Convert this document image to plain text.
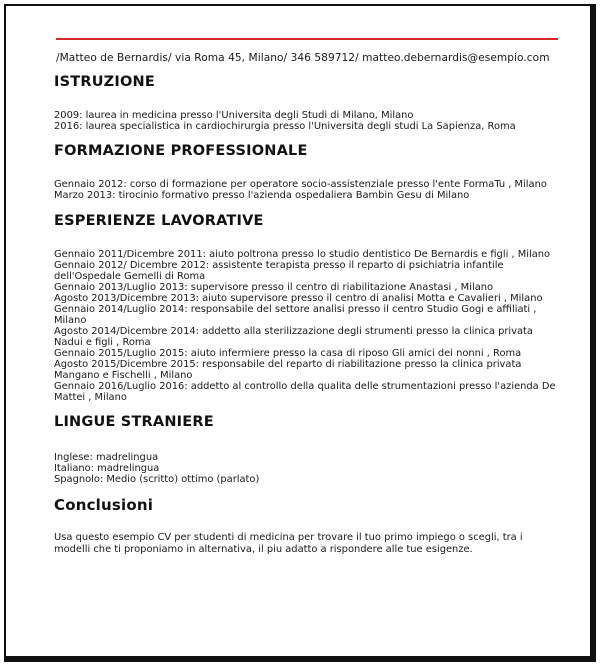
/Matteo de Bernardis/ via Roma 45, Milano/ 346 589712/ matteo.debernardis@esempio.com
ISTRUZIONE
2009: laurea in medicina presso l'Universita degli Studi di Milano, Milano
2016: laurea specialistica in cardiochirurgia presso l'Universita degli studi La Sapienza, Roma
FORMAZIONE PROFESSIONALE
Gennaio 2012: corso di formazione per operatore socio-assistenziale presso l'ente FormaTu , Milano
Marzo 2013: tirocinio formativo presso l'azienda ospedaliera Bambin Gesu di Milano
ESPERIENZE LAVORATIVE
Gennaio 2011/Dicembre 2011: aiuto poltrona presso lo studio dentistico De Bernardis e figli , Milano
Gennaio 2012/ Dicembre 2012: assistente terapista presso il reparto di psichiatria infantile dell'Ospedale Gemelli di Roma
Gennaio 2013/Luglio 2013: supervisore presso il centro di riabilitazione Anastasi , Milano
Agosto 2013/Dicembre 2013: aiuto supervisore presso il centro di analisi Motta e Cavalieri , Milano
Gennaio 2014/Luglio 2014: responsabile del settore analisi presso il centro Studio Gogi e affiliati , Milano
Agosto 2014/Dicembre 2014: addetto alla sterilizzazione degli strumenti presso la clinica privata Nadui e figli , Roma
Gennaio 2015/Luglio 2015: aiuto infermiere presso la casa di riposo Gli amici dei nonni , Roma
Agosto 2015/Dicembre 2015: responsabile del reparto di riabilitazione presso la clinica privata Mangano e Fischelli , Milano
Gennaio 2016/Luglio 2016: addetto al controllo della qualita delle strumentazioni presso l'azienda De Mattei , Milano
LINGUE STRANIERE
Inglese: madrelingua
Italiano: madrelingua
Spagnolo: Medio (scritto) ottimo (parlato)
Conclusioni

Usa questo esempio CV per studenti di medicina per trovare il tuo primo impiego o scegli, tra i modelli che ti proponiamo in alternativa, il piu adatto a rispondere alle tue esigenze.
